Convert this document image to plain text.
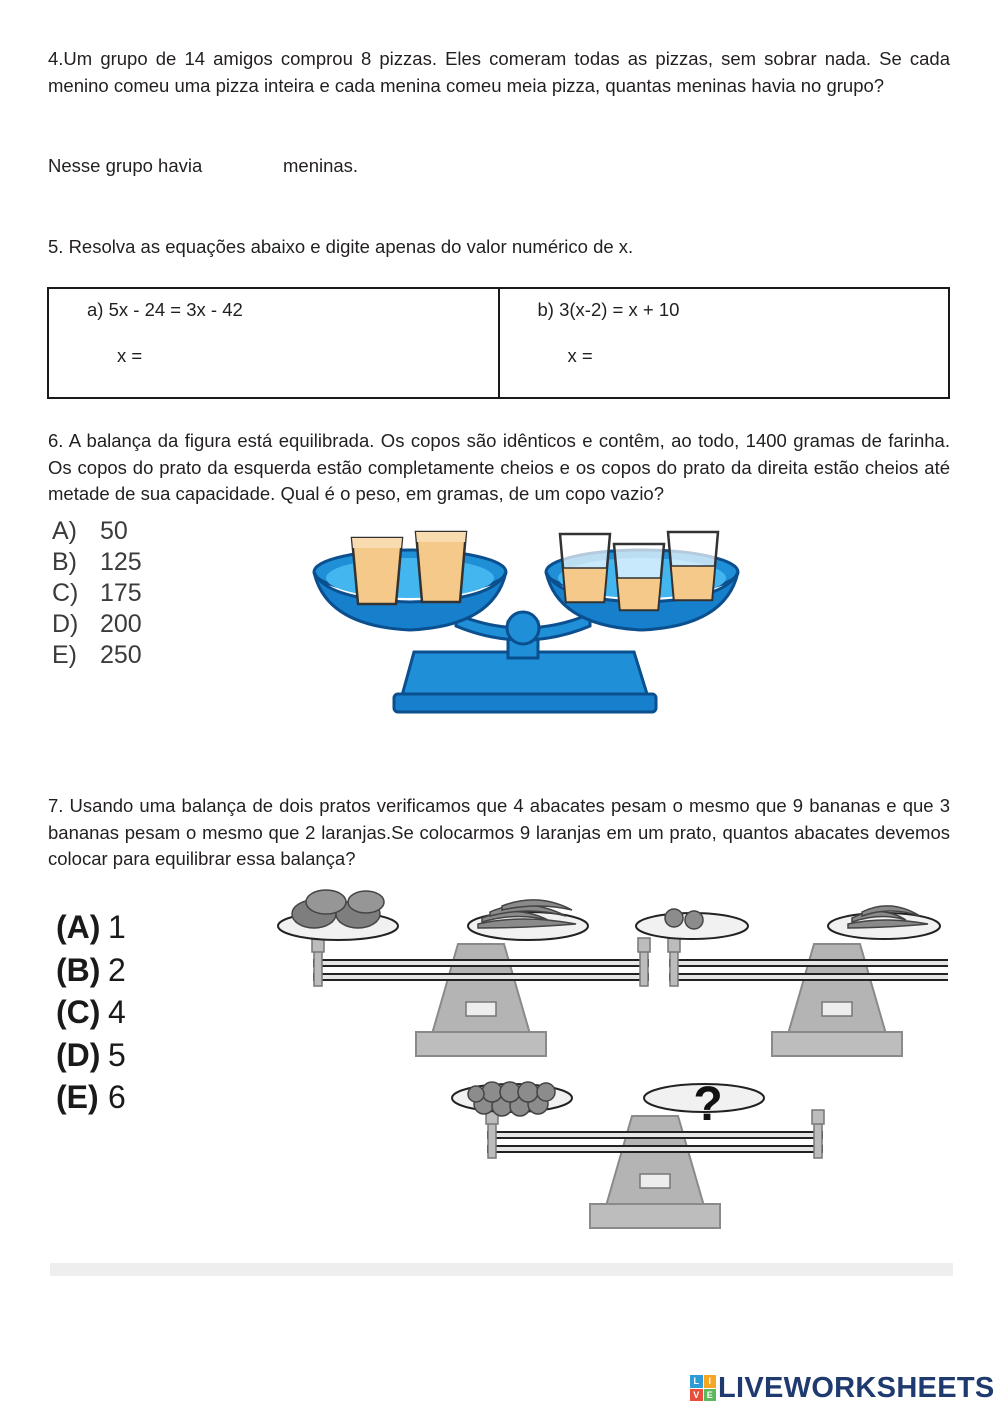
4.Um grupo de 14 amigos comprou 8 pizzas. Eles comeram todas as pizzas, sem sobrar nada. Se cada menino comeu uma pizza inteira e cada menina comeu meia pizza, quantas meninas havia no grupo?

Nesse grupo havia	meninas.

5. Resolva as equações abaixo e digite apenas do valor numérico de x.

a) 5x - 24 = 3x - 42
x =

b) 3(x-2) = x + 10
x =

6. A balança da figura está equilibrada. Os copos são idênticos e contêm, ao todo, 1400 gramas de farinha. Os copos do prato da esquerda estão completamente cheios e os copos do prato da direita estão cheios até metade de sua capacidade. Qual é o peso, em gramas, de um copo vazio?

A) 50
B) 125
C) 175
D) 200
E) 250

7. Usando uma balança de dois pratos verificamos que 4 abacates pesam o mesmo que 9 bananas e que 3 bananas pesam o mesmo que 2 laranjas.Se colocarmos 9 laranjas em um prato, quantos abacates devemos colocar para equilibrar essa balança?

(A) 1
(B) 2
(C) 4
(D) 5
(E) 6	?
L	I
V E LIVEWORKSHEETS
